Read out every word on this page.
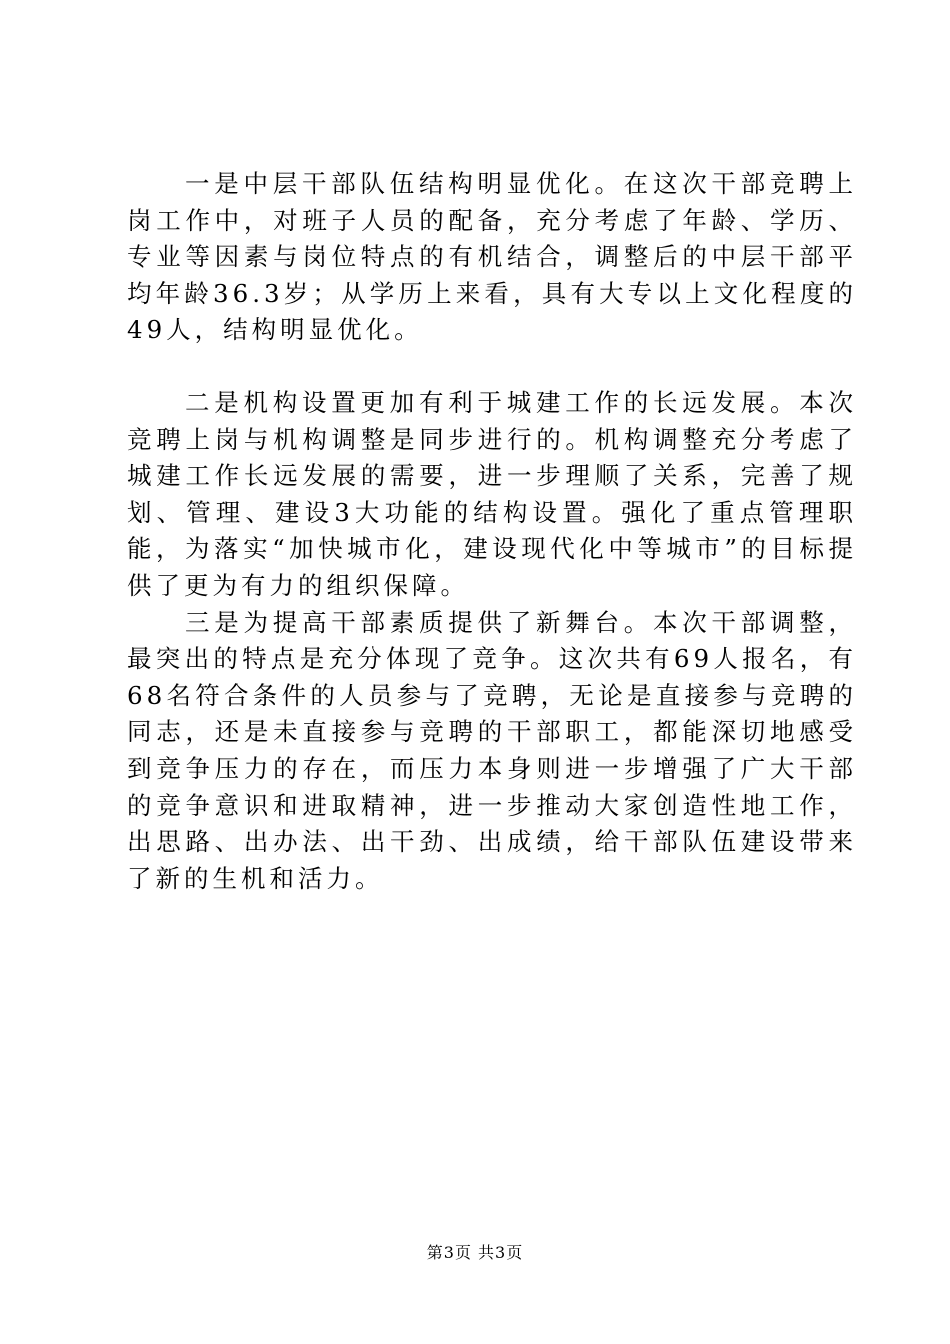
一是中层干部队伍结构明显优化。在这次干部竞聘上岗工作中，对班子人员的配备，充分考虑了年龄、学历、专业等因素与岗位特点的有机结合，调整后的中层干部平均年龄36.3岁；从学历上来看，具有大专以上文化程度的49人，结构明显优化。

二是机构设置更加有利于城建工作的长远发展。本次竞聘上岗与机构调整是同步进行的。机构调整充分考虑了城建工作长远发展的需要，进一步理顺了关系，完善了规划、管理、建设3大功能的结构设置。强化了重点管理职能，为落实“加快城市化，建设现代化中等城市”的目标提供了更为有力的组织保障。

三是为提高干部素质提供了新舞台。本次干部调整，最突出的特点是充分体现了竞争。这次共有69人报名，有68名符合条件的人员参与了竞聘，无论是直接参与竞聘的同志，还是未直接参与竞聘的干部职工，都能深切地感受到竞争压力的存在，而压力本身则进一步增强了广大干部的竞争意识和进取精神，进一步推动大家创造性地工作，出思路、出办法、出干劲、出成绩，给干部队伍建设带来了新的生机和活力。

第3页 共3页
